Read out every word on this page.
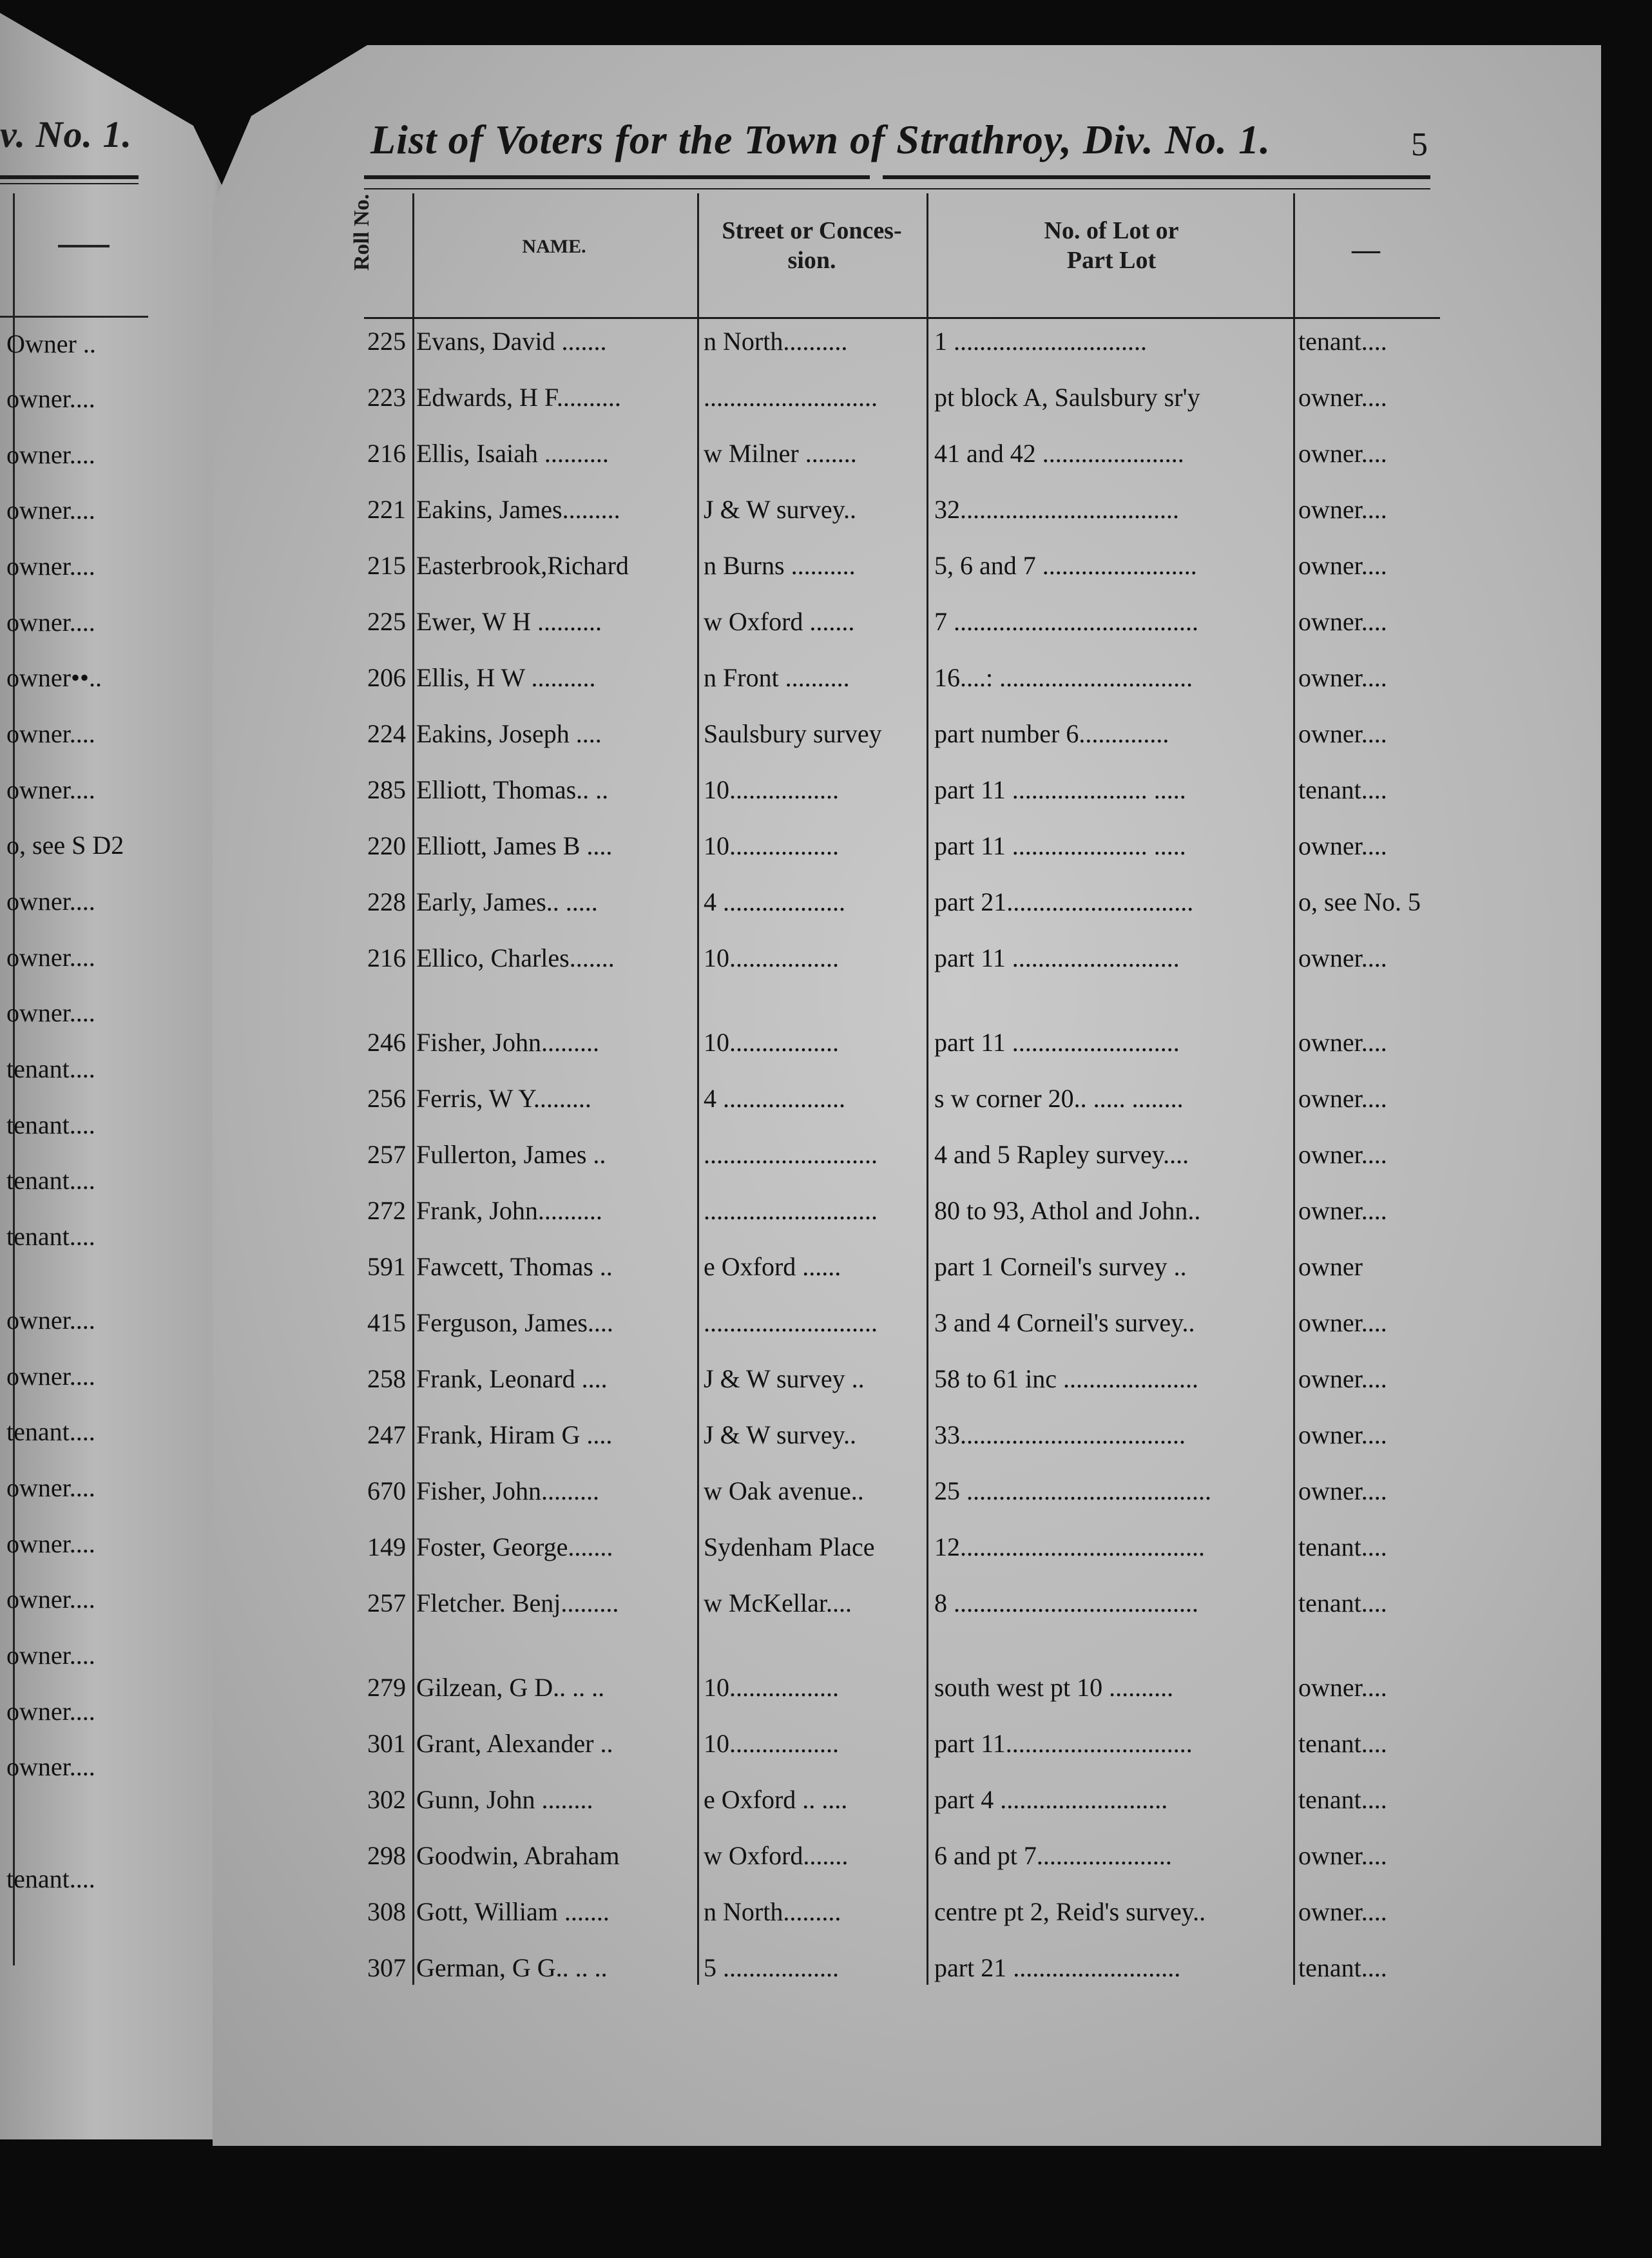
v. No. 1.
Owner ..
owner....
owner....
owner....
owner....
owner....
owner••..
owner....
owner....
o, see S D2
owner....
owner....
owner....
tenant....
tenant....
tenant....
tenant....
owner....
owner....
tenant....
owner....
owner....
owner....
owner....
owner....
owner....
tenant....
List of Voters for the Town of Strathroy, Div. No. 1.	5
Roll No.	NAME.
Street or Conces-
sion.
No. of Lot or
Part Lot	—
225 Evans, David .......	n North..........	1 ..............................	tenant....
223 Edwards, H F..........	...........................	pt block A, Saulsbury sr'y	owner....
216 Ellis, Isaiah ..........	w Milner ........	41 and 42 ......................	owner....
221 Eakins, James.........	J & W survey..	32..................................	owner....
215 Easterbrook,Richard	n Burns ..........	5, 6 and 7 ........................	owner....
225 Ewer, W H ..........	w Oxford .......	7 ......................................	owner....
206 Ellis, H W ..........	n Front ..........	16....: ..............................	owner....
224 Eakins, Joseph ....	Saulsbury survey	part number 6..............	owner....
285 Elliott, Thomas.. ..	10.................	part 11 ..................... .....	tenant....
220 Elliott, James B ....	10.................	part 11 ..................... .....	owner....
228 Early, James.. .....	4 ...................	part 21.............................	o, see No. 5
216 Ellico, Charles.......	10.................	part 11 ..........................	owner....
246 Fisher, John.........	10.................	part 11 ..........................	owner....
256 Ferris, W Y.........	4 ...................	s w corner 20.. ..... ........	owner....
257 Fullerton, James ..	...........................	4 and 5 Rapley survey....	owner....
272 Frank, John..........	...........................	80 to 93, Athol and John..	owner....
591 Fawcett, Thomas ..	e Oxford ......	part 1 Corneil's survey ..	owner
415 Ferguson, James....	...........................	3 and 4 Corneil's survey..	owner....
258 Frank, Leonard ....	J & W survey ..	58 to 61 inc .....................	owner....
247 Frank, Hiram G ....	J & W survey..	33...................................	owner....
670 Fisher, John.........	w Oak avenue..	25 ......................................	owner....
149 Foster, George.......	Sydenham Place	12......................................	tenant....
257 Fletcher. Benj.........	w McKellar....	8 ......................................	tenant....
279 Gilzean, G D.. .. ..	10.................	south west pt 10 ..........	owner....
301 Grant, Alexander ..	10.................	part 11.............................	tenant....
302 Gunn, John ........	e Oxford .. ....	part 4 ..........................	tenant....
298 Goodwin, Abraham	w Oxford.......	6 and pt 7.....................	owner....
308 Gott, William .......	n North.........	centre pt 2, Reid's survey..	owner....
307 German, G G.. .. ..	5 ..................	part 21 ..........................	tenant....
